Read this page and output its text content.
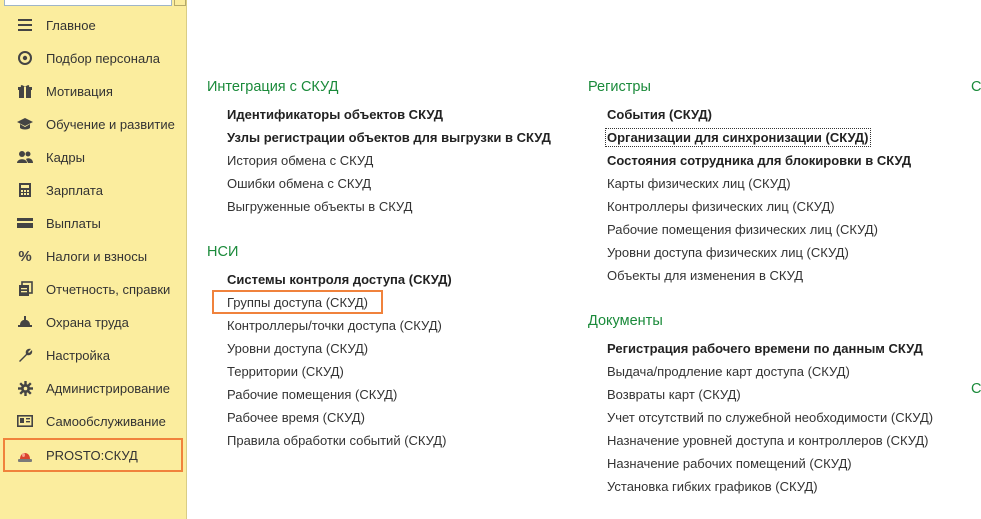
Главное
Подбор персонала
Мотивация
Обучение и развитие
Кадры
Зарплата
Выплаты
% Налоги и взносы
Отчетность, справки
Охрана труда
Настройка
Администрирование
Самообслуживание
PROSTO:СКУД
Интеграция с СКУД
Идентификаторы объектов СКУД
Узлы регистрации объектов для выгрузки в СКУД
История обмена с СКУД
Ошибки обмена с СКУД
Выгруженные объекты в СКУД
НСИ
Системы контроля доступа (СКУД)
Группы доступа (СКУД)
Контроллеры/точки доступа (СКУД)
Уровни доступа (СКУД)
Территории (СКУД)
Рабочие помещения (СКУД)
Рабочее время (СКУД)
Правила обработки событий (СКУД)
Регистры
События (СКУД)
Организации для синхронизации (СКУД)
Состояния сотрудника для блокировки в СКУД
Карты физических лиц (СКУД)
Контроллеры физических лиц (СКУД)
Рабочие помещения физических лиц (СКУД)
Уровни доступа физических лиц (СКУД)
Объекты для изменения в СКУД
Документы
Регистрация рабочего времени по данным СКУД
Выдача/продление карт доступа (СКУД)
Возвраты карт (СКУД)
Учет отсутствий по служебной необходимости (СКУД)
Назначение уровней доступа и контроллеров (СКУД)
Назначение рабочих помещений (СКУД)
Установка гибких графиков (СКУД)
С
С
